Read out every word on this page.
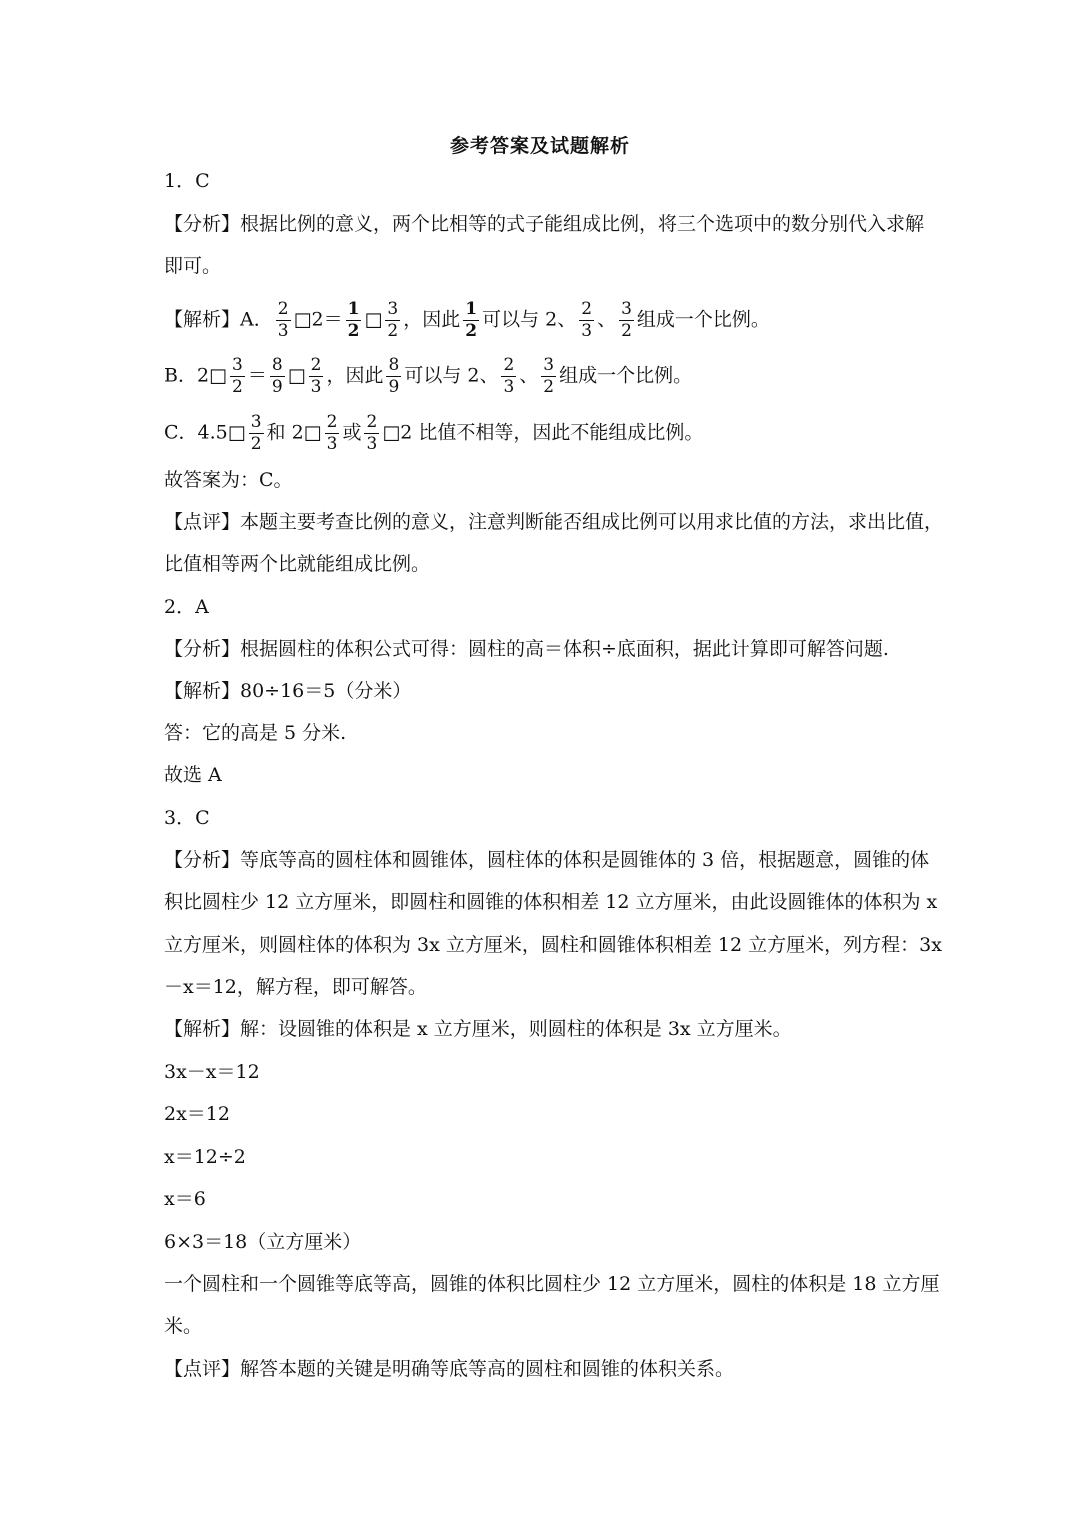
参考答案及试题解析
1．C
【分析】根据比例的意义，两个比相等的式子能组成比例，将三个选项中的数分别代入求解
即可。
【解析】A． $\frac{2}{3}$ □2＝ $\frac{1}{2}$ □ $\frac{3}{2}$ ，因此 $\frac{1}{2}$ 可以与 2、 $\frac{2}{3}$ 、 $\frac{3}{2}$ 组成一个比例。
B．2□ $\frac{3}{2} = \frac{8}{9}$ □ $\frac{2}{3}$ ，因此 $\frac{8}{9}$ 可以与 2、 $\frac{2}{3}$ 、 $\frac{3}{2}$ 组成一个比例。
C．4.5□ $\frac{3}{2}$ 和 2□ $\frac{2}{3}$ 或 $\frac{2}{3}$ □2 比值不相等，因此不能组成比例。
故答案为：C。
【点评】本题主要考查比例的意义，注意判断能否组成比例可以用求比值的方法，求出比值，
比值相等两个比就能组成比例。
2．A
【分析】根据圆柱的体积公式可得：圆柱的高＝体积÷底面积，据此计算即可解答问题.
【解析】80÷16＝5（分米）
答：它的高是 5 分米.
故选 A
3．C
【分析】等底等高的圆柱体和圆锥体，圆柱体的体积是圆锥体的 3 倍，根据题意，圆锥的体
积比圆柱少 12 立方厘米，即圆柱和圆锥的体积相差 12 立方厘米，由此设圆锥体的体积为 x
立方厘米，则圆柱体的体积为 3x 立方厘米，圆柱和圆锥体积相差 12 立方厘米，列方程：3x
－x＝12，解方程，即可解答。
【解析】解：设圆锥的体积是 x 立方厘米，则圆柱的体积是 3x 立方厘米。
3x－x＝12
2x＝12
x＝12÷2
x＝6
6×3＝18（立方厘米）
一个圆柱和一个圆锥等底等高，圆锥的体积比圆柱少 12 立方厘米，圆柱的体积是 18 立方厘
米。
【点评】解答本题的关键是明确等底等高的圆柱和圆锥的体积关系。
